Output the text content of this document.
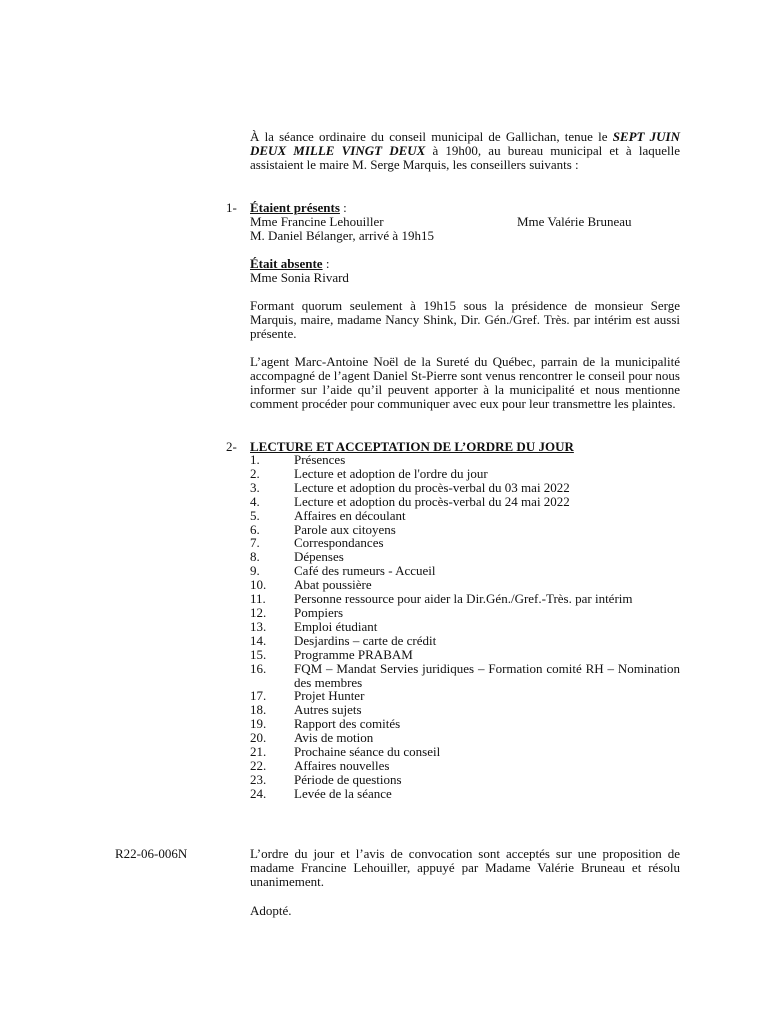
À la séance ordinaire du conseil municipal de Gallichan, tenue le SEPT JUIN DEUX MILLE VINGT DEUX à 19h00, au bureau municipal et à laquelle assistaient le maire M. Serge Marquis, les conseillers suivants :
1- Étaient présents :
Mme Francine Lehouiller	Mme Valérie Bruneau
M. Daniel Bélanger, arrivé à 19h15
Était absente :
Mme Sonia Rivard
Formant quorum seulement à 19h15 sous la présidence de monsieur Serge Marquis, maire, madame Nancy Shink, Dir. Gén./Gref. Très. par intérim est aussi présente.
L’agent Marc-Antoine Noël de la Sureté du Québec, parrain de la municipalité accompagné de l’agent Daniel St-Pierre sont venus rencontrer le conseil pour nous informer sur l’aide qu’il peuvent apporter à la municipalité et nous mentionne comment procéder pour communiquer avec eux pour leur transmettre les plaintes.
2- LECTURE ET ACCEPTATION DE L’ORDRE DU JOUR
1.	Présences
2.	Lecture et adoption de l'ordre du jour
3.	Lecture et adoption du procès-verbal du 03 mai 2022
4.	Lecture et adoption du procès-verbal du 24 mai 2022
5.	Affaires en découlant
6.	Parole aux citoyens
7.	Correspondances
8.	Dépenses
9.	Café des rumeurs - Accueil
10. Abat poussière
11. Personne ressource pour aider la Dir.Gén./Gref.-Très. par intérim
12. Pompiers
13. Emploi étudiant
14. Desjardins – carte de crédit
15. Programme PRABAM
16. FQM – Mandat Servies juridiques – Formation comité RH – Nomination des membres
17. Projet Hunter
18. Autres sujets
19. Rapport des comités
20. Avis de motion
21. Prochaine séance du conseil
22. Affaires nouvelles
23. Période de questions
24. Levée de la séance
R22-06-006N	L’ordre du jour et l’avis de convocation sont acceptés sur une proposition de madame Francine Lehouiller, appuyé par Madame Valérie Bruneau et résolu unanimement.
Adopté.
